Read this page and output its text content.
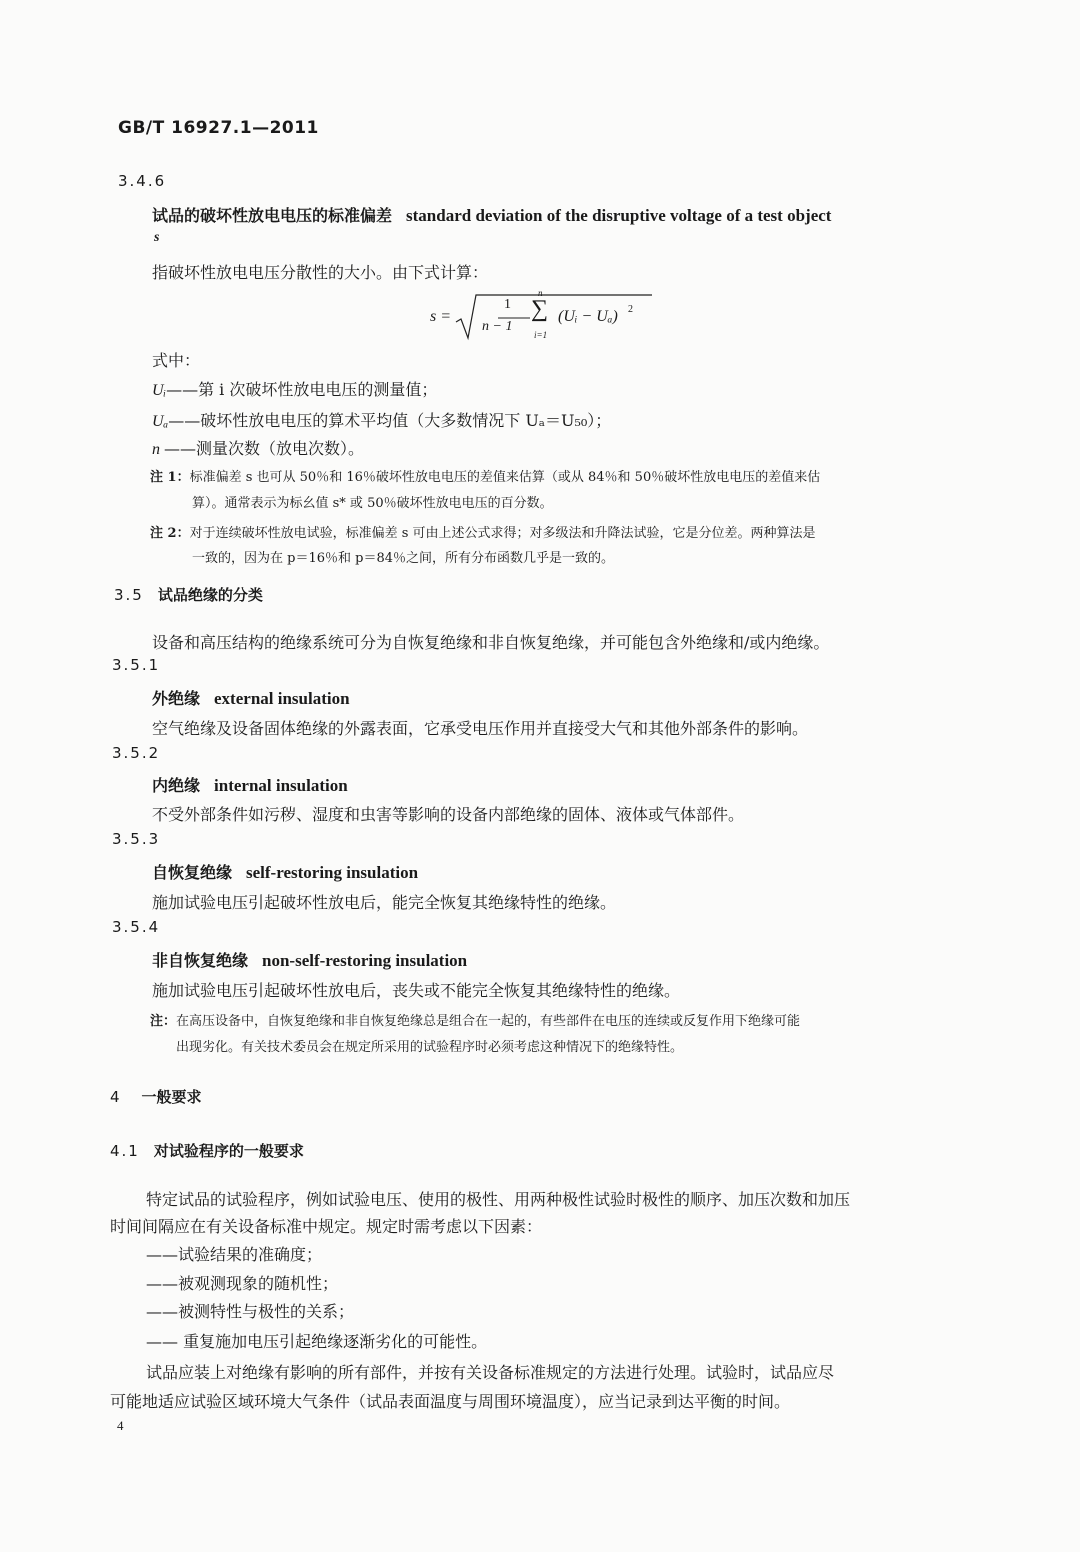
GB/T 16927.1—2011
3.4.6
试品的破坏性放电电压的标准偏差 standard deviation of the disruptive voltage of a test object
s
指破坏性放电电压分散性的大小。由下式计算：
s =
1
n − 1
n
∑
i=1
(Uᵢ − Uₐ) 2
式中：
Uᵢ——第 i 次破坏性放电电压的测量值；
Uₐ——破坏性放电电压的算术平均值（大多数情况下 Uₐ＝U₅₀）；
n ——测量次数（放电次数）。
注 1：标准偏差 s 也可从 50％和 16％破坏性放电电压的差值来估算（或从 84％和 50％破坏性放电电压的差值来估
算）。通常表示为标幺值 s* 或 50％破坏性放电电压的百分数。
注 2：对于连续破坏性放电试验，标准偏差 s 可由上述公式求得；对多级法和升降法试验，它是分位差。两种算法是
一致的，因为在 p＝16％和 p＝84％之间，所有分布函数几乎是一致的。
3.5 试品绝缘的分类
设备和高压结构的绝缘系统可分为自恢复绝缘和非自恢复绝缘，并可能包含外绝缘和/或内绝缘。
3.5.1
外绝缘 external insulation
空气绝缘及设备固体绝缘的外露表面，它承受电压作用并直接受大气和其他外部条件的影响。
3.5.2
内绝缘 internal insulation
不受外部条件如污秽、湿度和虫害等影响的设备内部绝缘的固体、液体或气体部件。
3.5.3
自恢复绝缘 self-restoring insulation
施加试验电压引起破坏性放电后，能完全恢复其绝缘特性的绝缘。
3.5.4
非自恢复绝缘 non-self-restoring insulation
施加试验电压引起破坏性放电后，丧失或不能完全恢复其绝缘特性的绝缘。
注：在高压设备中，自恢复绝缘和非自恢复绝缘总是组合在一起的，有些部件在电压的连续或反复作用下绝缘可能
出现劣化。有关技术委员会在规定所采用的试验程序时必须考虑这种情况下的绝缘特性。
4 一般要求
4.1 对试验程序的一般要求
特定试品的试验程序，例如试验电压、使用的极性、用两种极性试验时极性的顺序、加压次数和加压
时间间隔应在有关设备标准中规定。规定时需考虑以下因素：
——试验结果的准确度；
——被观测现象的随机性；
——被测特性与极性的关系；
—— 重复施加电压引起绝缘逐渐劣化的可能性。
试品应装上对绝缘有影响的所有部件，并按有关设备标准规定的方法进行处理。试验时，试品应尽
可能地适应试验区域环境大气条件（试品表面温度与周围环境温度），应当记录到达平衡的时间。
4
